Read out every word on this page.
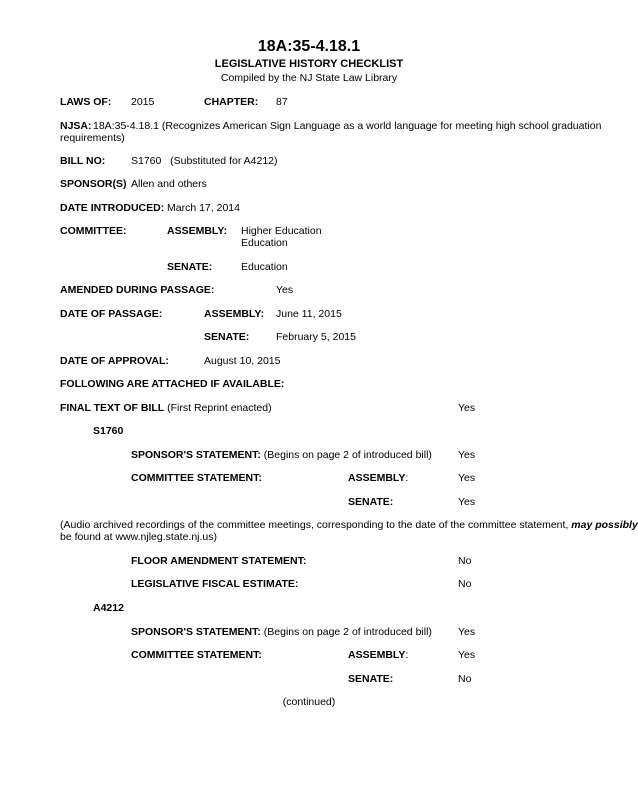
18A:35-4.18.1
LEGISLATIVE HISTORY CHECKLIST
Compiled by the NJ State Law Library
LAWS OF: 2015	CHAPTER: 87
NJSA: 18A:35-4.18.1 (Recognizes American Sign Language as a world language for meeting high school graduation
requirements)
BILL NO: S1760   (Substituted for A4212)
SPONSOR(S) Allen and others
DATE INTRODUCED: March 17, 2014
COMMITTEE:	ASSEMBLY: Higher Education
Education
SENATE:	Education
AMENDED DURING PASSAGE:	Yes
DATE OF PASSAGE:	ASSEMBLY: June 11, 2015
SENATE:	February 5, 2015
DATE OF APPROVAL:	August 10, 2015
FOLLOWING ARE ATTACHED IF AVAILABLE:
FINAL TEXT OF BILL (First Reprint enacted)	Yes
S1760
SPONSOR'S STATEMENT: (Begins on page 2 of introduced bill) Yes
COMMITTEE STATEMENT:	ASSEMBLY:	Yes
SENATE:	Yes
(Audio archived recordings of the committee meetings, corresponding to the date of the committee statement, may possibly
be found at www.njleg.state.nj.us)
FLOOR AMENDMENT STATEMENT:	No
LEGISLATIVE FISCAL ESTIMATE:	No
A4212
SPONSOR'S STATEMENT: (Begins on page 2 of introduced bill) Yes
COMMITTEE STATEMENT:	ASSEMBLY:	Yes
SENATE:	No
(continued)
